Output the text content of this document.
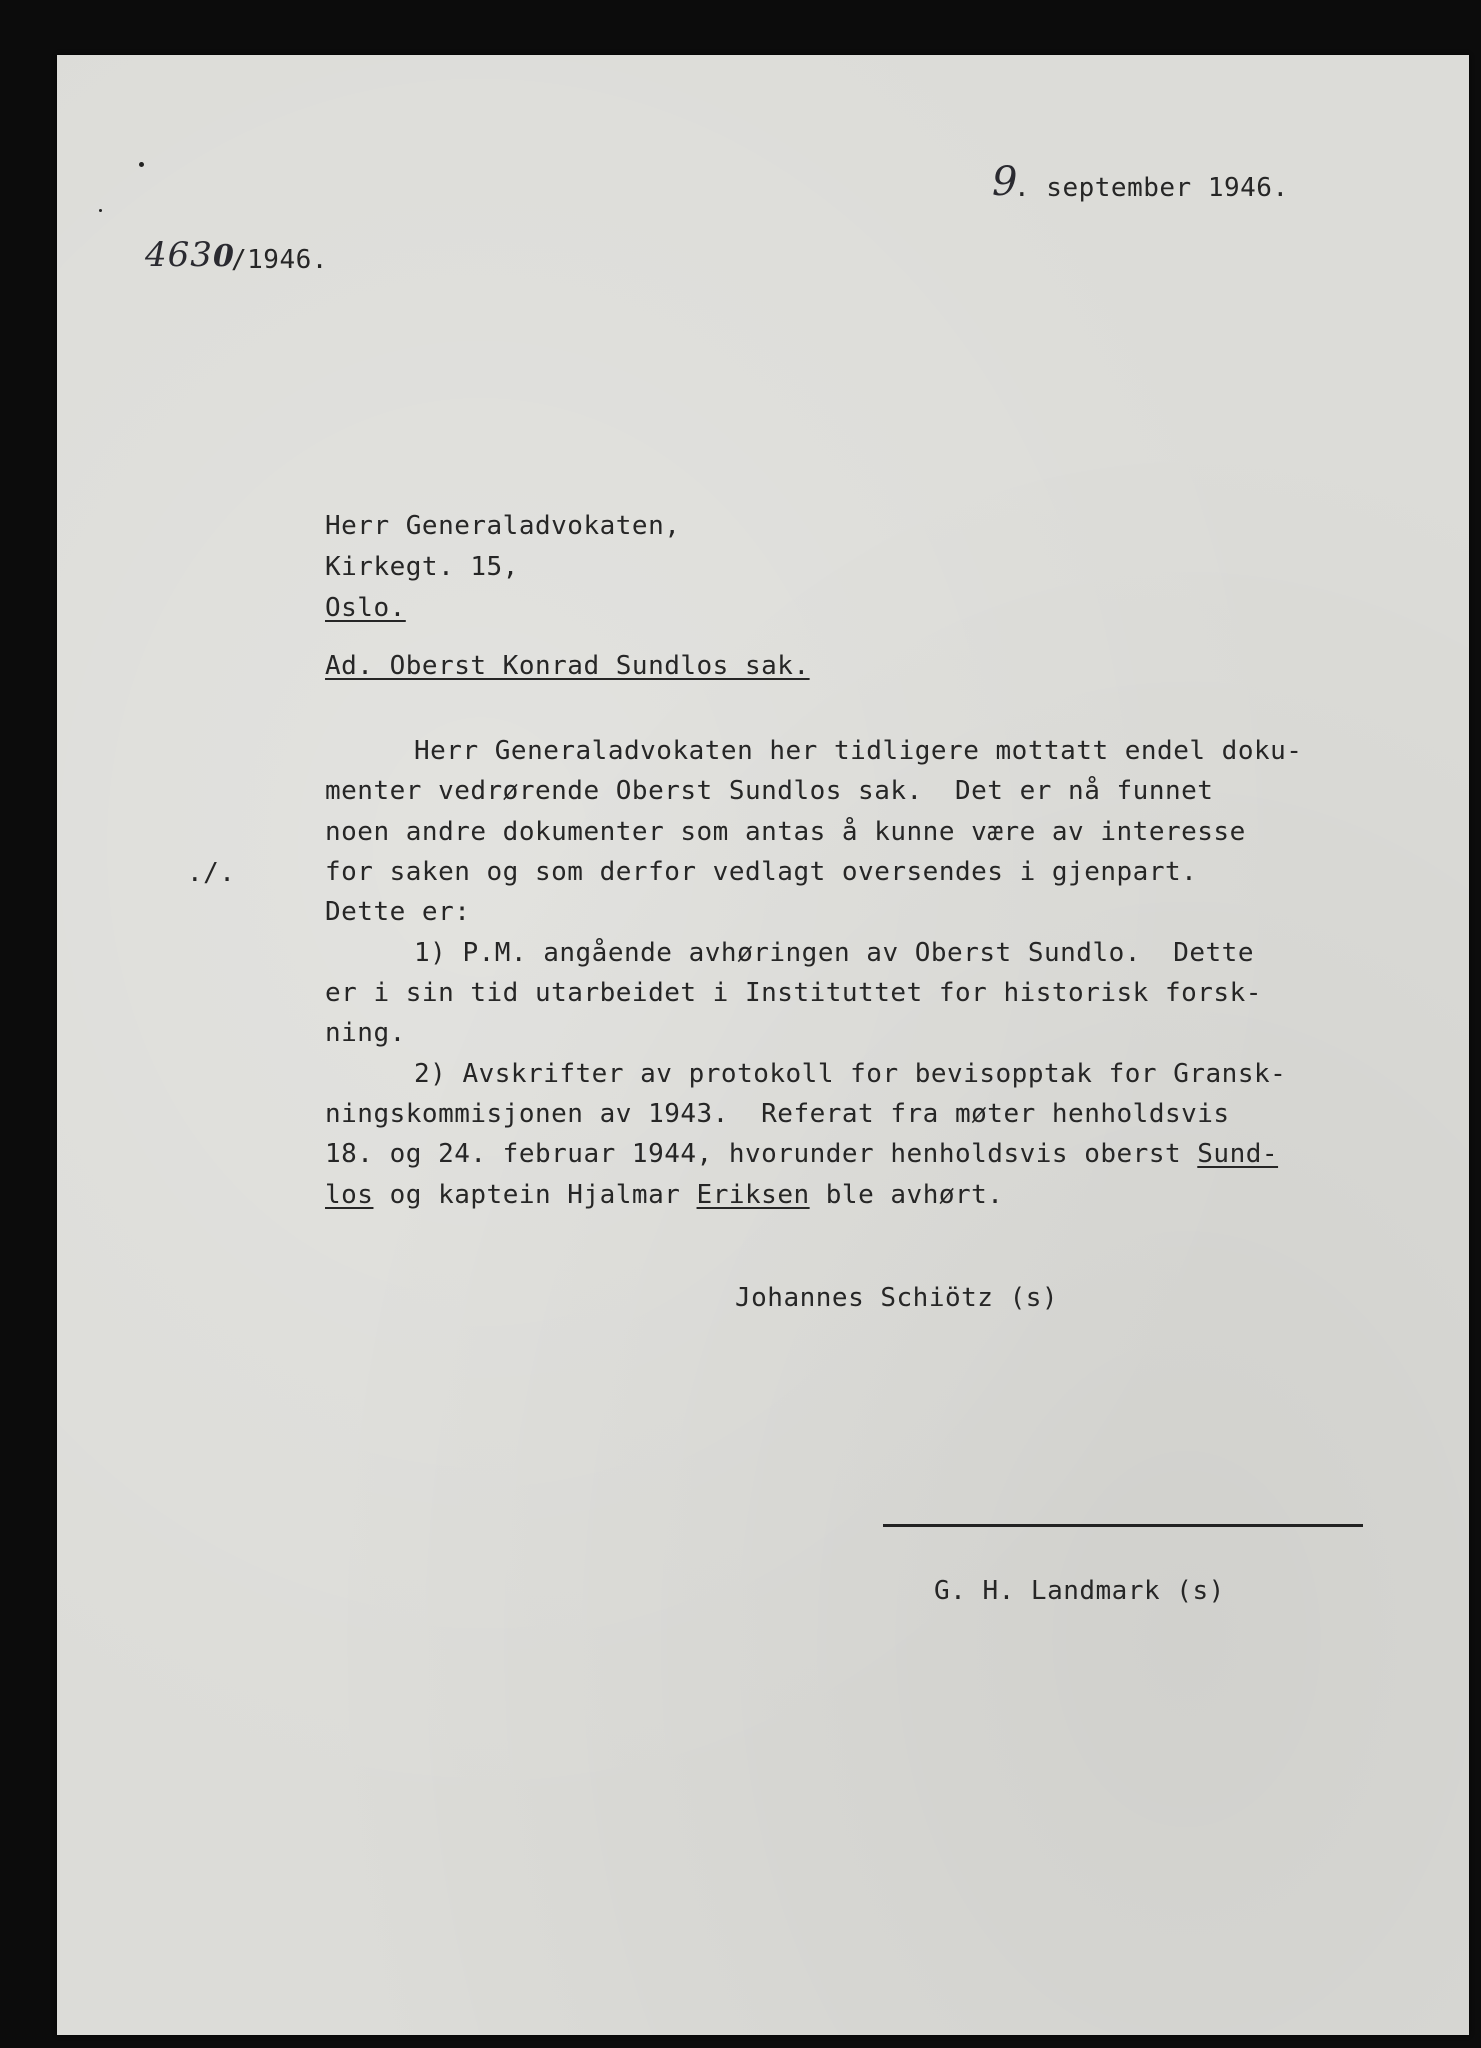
9

. september 1946.

463 0

/1946.

Herr Generaladvokaten,

Kirkegt. 15,

Oslo.

Ad. Oberst Konrad Sundlos sak.

./.

Herr Generaladvokaten her tidligere mottatt endel doku-

menter vedrørende Oberst Sundlos sak.  Det er nå funnet

noen andre dokumenter som antas å kunne være av interesse

for saken og som derfor vedlagt oversendes i gjenpart.

Dette er:

1) P.M. angående avhøringen av Oberst Sundlo.  Dette

er i sin tid utarbeidet i Instituttet for historisk forsk-

ning.

2) Avskrifter av protokoll for bevisopptak for Gransk-

ningskommisjonen av 1943.  Referat fra møter henholdsvis

18. og 24. februar 1944, hvorunder henholdsvis oberst Sund-

los og kaptein Hjalmar Eriksen ble avhørt.

Johannes Schiötz (s)

G. H. Landmark (s)
